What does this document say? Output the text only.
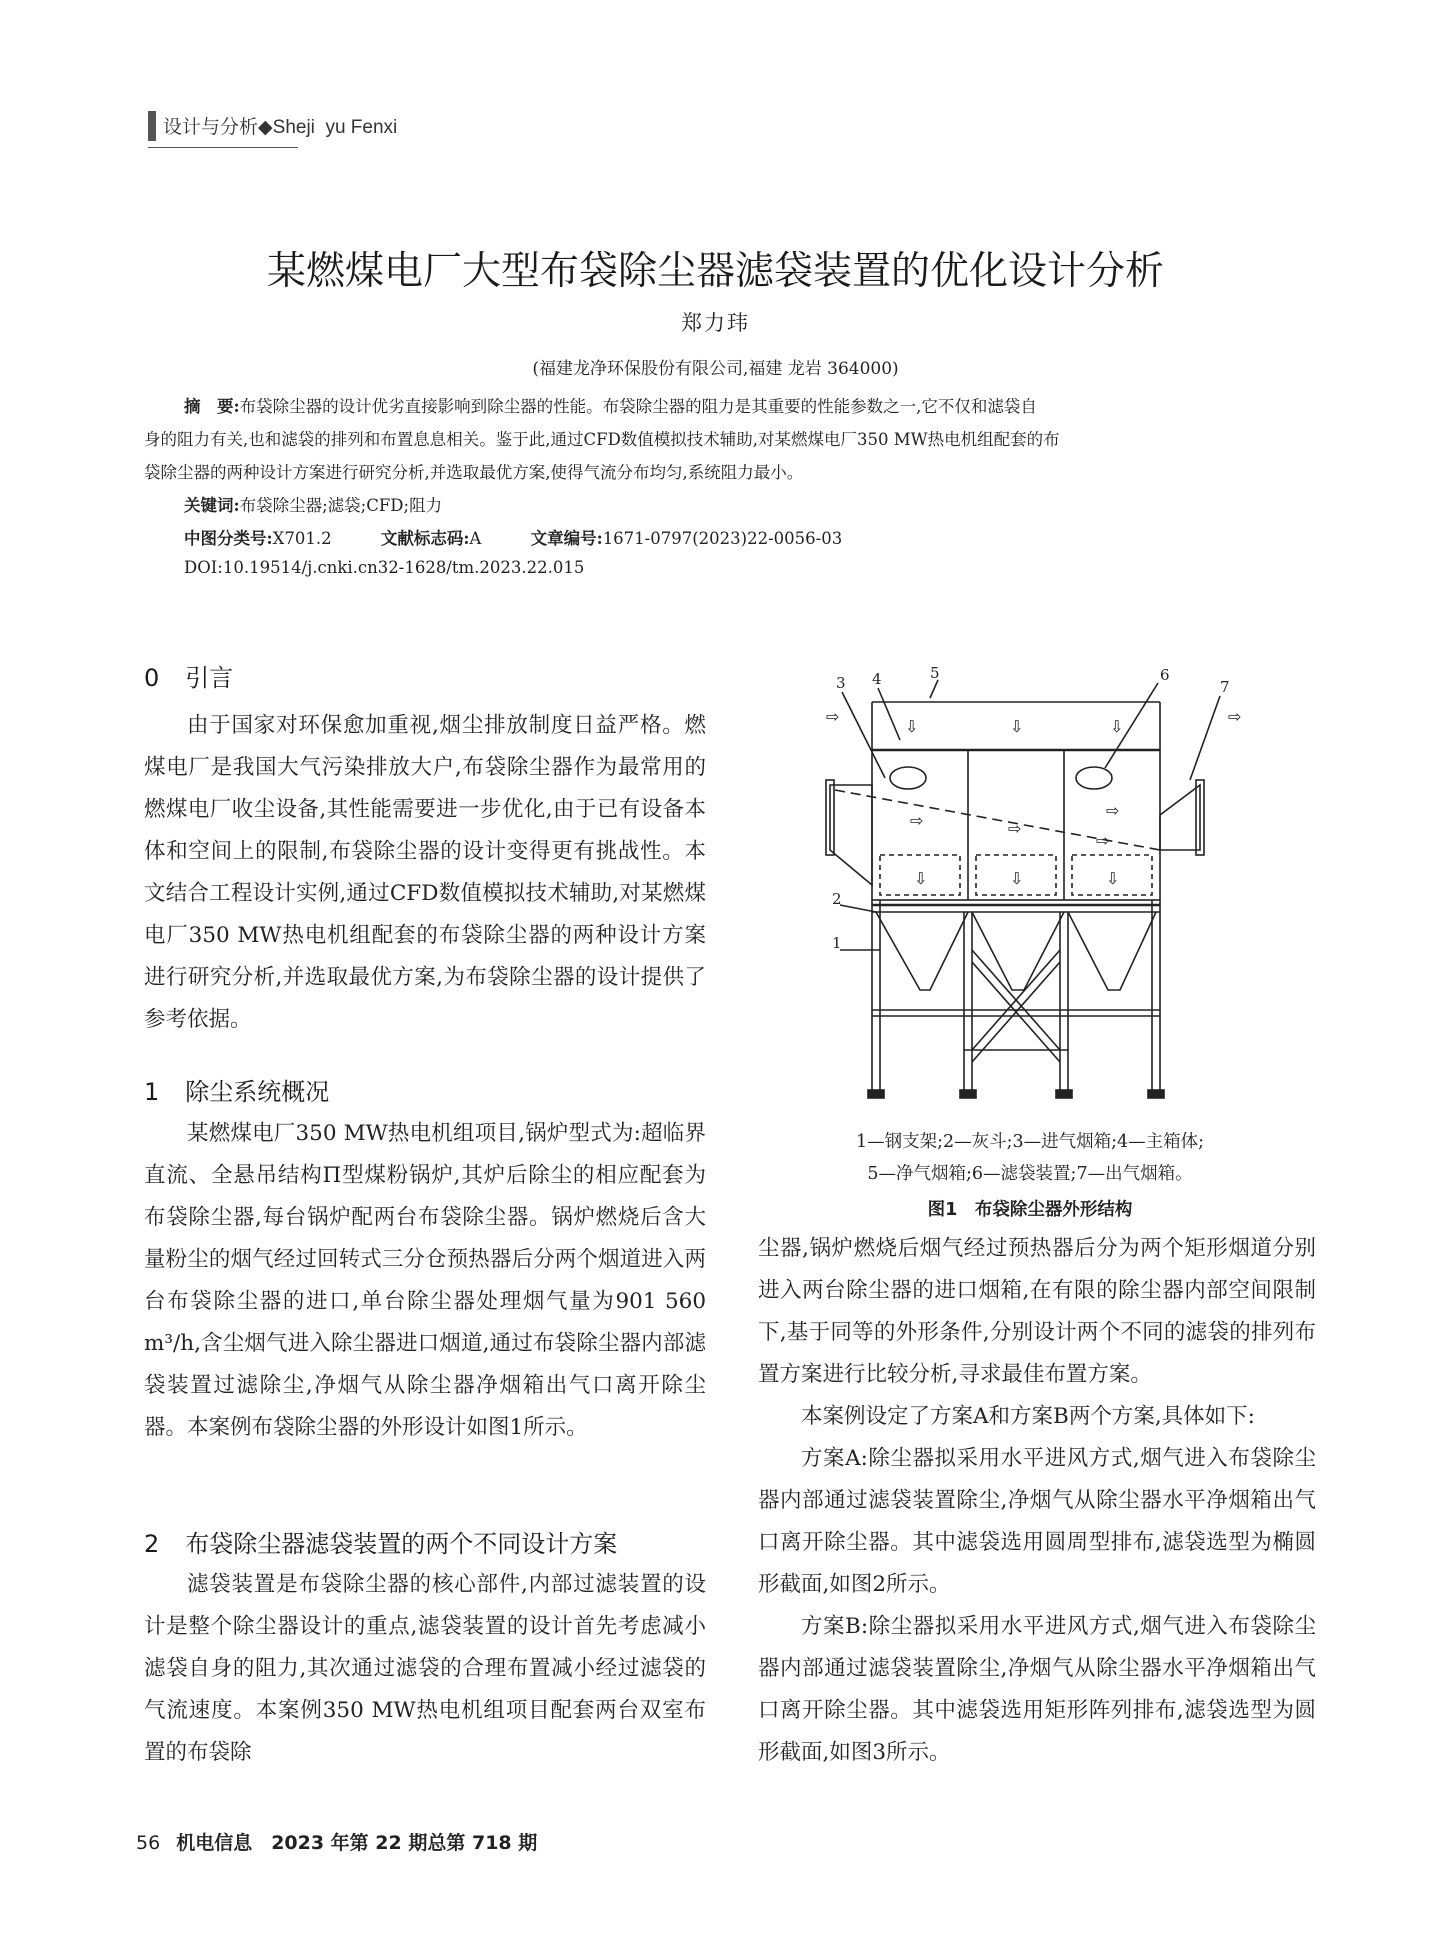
设计与分析◆Sheji  yu Fenxi
某燃煤电厂大型布袋除尘器滤袋装置的优化设计分析
郑力玮
(福建龙净环保股份有限公司,福建 龙岩 364000)
摘　要:布袋除尘器的设计优劣直接影响到除尘器的性能。布袋除尘器的阻力是其重要的性能参数之一,它不仅和滤袋自
身的阻力有关,也和滤袋的排列和布置息息相关。鉴于此,通过CFD数值模拟技术辅助,对某燃煤电厂350 MW热电机组配套的布
袋除尘器的两种设计方案进行研究分析,并选取最优方案,使得气流分布均匀,系统阻力最小。
关键词:布袋除尘器;滤袋;CFD;阻力
中图分类号:X701.2	文献标志码:A	文章编号:1671-0797(2023)22-0056-03
DOI:10.19514/j.cnki.cn32-1628/tm.2023.22.015
0 引言

由于国家对环保愈加重视,烟尘排放制度日益严格。燃煤电厂是我国大气污染排放大户,布袋除尘器作为最常用的燃煤电厂收尘设备,其性能需要进一步优化,由于已有设备本体和空间上的限制,布袋除尘器的设计变得更有挑战性。本文结合工程设计实例,通过CFD数值模拟技术辅助,对某燃煤电厂350 MW热电机组配套的布袋除尘器的两种设计方案进行研究分析,并选取最优方案,为布袋除尘器的设计提供了参考依据。

1 除尘系统概况

某燃煤电厂350 MW热电机组项目,锅炉型式为:超临界直流、全悬吊结构Π型煤粉锅炉,其炉后除尘的相应配套为布袋除尘器,每台锅炉配两台布袋除尘器。锅炉燃烧后含大量粉尘的烟气经过回转式三分仓预热器后分两个烟道进入两台布袋除尘器的进口,单台除尘器处理烟气量为901 560 m³/h,含尘烟气进入除尘器进口烟道,通过布袋除尘器内部滤袋装置过滤除尘,净烟气从除尘器净烟箱出气口离开除尘器。本案例布袋除尘器的外形设计如图1所示。

2 布袋除尘器滤袋装置的两个不同设计方案

滤袋装置是布袋除尘器的核心部件,内部过滤装置的设计是整个除尘器设计的重点,滤袋装置的设计首先考虑减小滤袋自身的阻力,其次通过滤袋的合理布置减小经过滤袋的气流速度。本案例350 MW热电机组项目配套两台双室布置的布袋除

⇨	⇨
⇩	⇩	⇩
⇨	⇨
⇨
⇨
⇩	⇩	⇩
1
2
3 4	5	6
7
1—钢支架;2—灰斗;3—进气烟箱;4—主箱体;
5—净气烟箱;6—滤袋装置;7—出气烟箱。
图1　布袋除尘器外形结构

尘器,锅炉燃烧后烟气经过预热器后分为两个矩形烟道分别进入两台除尘器的进口烟箱,在有限的除尘器内部空间限制下,基于同等的外形条件,分别设计两个不同的滤袋的排列布置方案进行比较分析,寻求最佳布置方案。

本案例设定了方案A和方案B两个方案,具体如下:

方案A:除尘器拟采用水平进风方式,烟气进入布袋除尘器内部通过滤袋装置除尘,净烟气从除尘器水平净烟箱出气口离开除尘器。其中滤袋选用圆周型排布,滤袋选型为椭圆形截面,如图2所示。

方案B:除尘器拟采用水平进风方式,烟气进入布袋除尘器内部通过滤袋装置除尘,净烟气从除尘器水平净烟箱出气口离开除尘器。其中滤袋选用矩形阵列排布,滤袋选型为圆形截面,如图3所示。

56 机电信息　2023 年第 22 期总第 718 期
